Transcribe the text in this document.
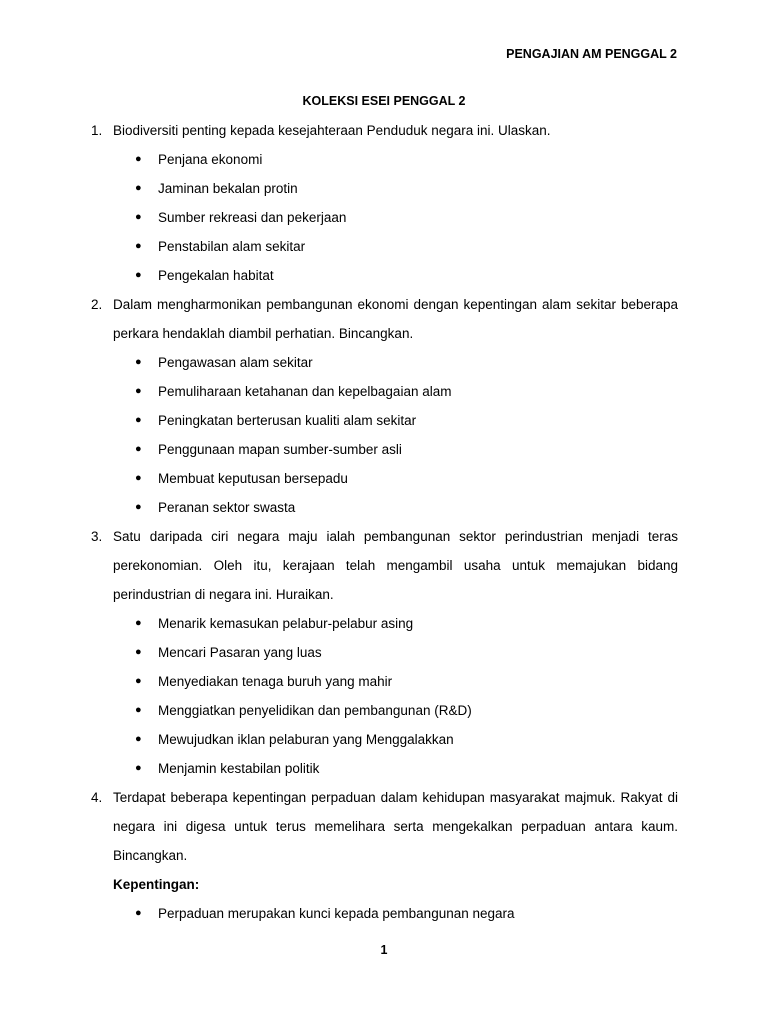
PENGAJIAN AM PENGGAL 2
KOLEKSI ESEI PENGGAL 2
1. Biodiversiti penting kepada kesejahteraan Penduduk negara ini. Ulaskan.
●	Penjana ekonomi
●	Jaminan bekalan protin
●	Sumber rekreasi dan pekerjaan
●	Penstabilan alam sekitar
●	Pengekalan habitat
2. Dalam mengharmonikan pembangunan ekonomi dengan kepentingan alam sekitar beberapa perkara hendaklah diambil perhatian. Bincangkan.
●	Pengawasan alam sekitar
●	Pemuliharaan ketahanan dan kepelbagaian alam
●	Peningkatan berterusan kualiti alam sekitar
●	Penggunaan mapan sumber-sumber asli
●	Membuat keputusan bersepadu
●	Peranan sektor swasta
3. Satu daripada ciri negara maju ialah pembangunan sektor perindustrian menjadi teras perekonomian. Oleh itu, kerajaan telah mengambil usaha untuk memajukan bidang perindustrian di negara ini. Huraikan.
●	Menarik kemasukan pelabur-pelabur asing
●	Mencari Pasaran yang luas
●	Menyediakan tenaga buruh yang mahir
●	Menggiatkan penyelidikan dan pembangunan (R&D)
●	Mewujudkan iklan pelaburan yang Menggalakkan
●	Menjamin kestabilan politik
4. Terdapat beberapa kepentingan perpaduan dalam kehidupan masyarakat majmuk. Rakyat di negara ini digesa untuk terus memelihara serta mengekalkan perpaduan antara kaum. Bincangkan.
Kepentingan:
●	Perpaduan merupakan kunci kepada pembangunan negara
1
